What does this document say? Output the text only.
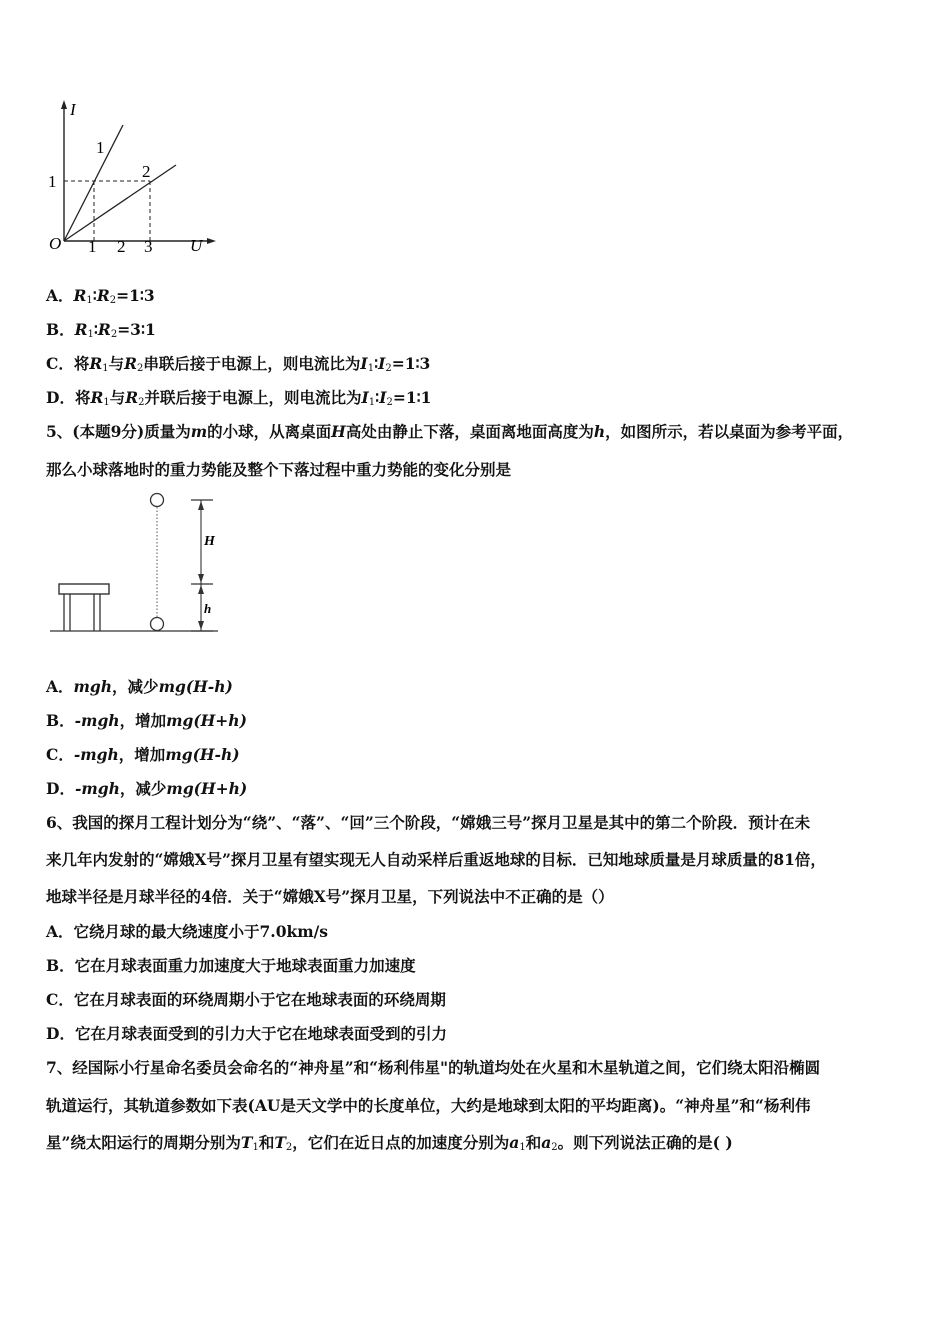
I
U
O 1 2 3
1
1
2
A．$R_1∶R_2=1∶3$
B．$R_1∶R_2=3∶1$
C．将$R_1$与$R_2$串联后接于电源上，则电流比为$I_1∶I_2=1∶3$
D．将$R_1$与$R_2$并联后接于电源上，则电流比为$I_1∶I_2=1∶1$
5、(本题9分)质量为m的小球，从离桌面H高处由静止下落，桌面离地面高度为h，如图所示，若以桌面为参考平面，
那么小球落地时的重力势能及整个下落过程中重力势能的变化分别是
H
h
A．mgh，减少mg(H-h)
B．-mgh，增加mg(H+h)
C．-mgh，增加mg(H-h)
D．-mgh，减少mg(H+h)
6、我国的探月工程计划分为“绕”、“落”、“回”三个阶段，“嫦娥三号”探月卫星是其中的第二个阶段．预计在未
来几年内发射的“嫦娥X号”探月卫星有望实现无人自动采样后重返地球的目标．已知地球质量是月球质量的81倍，
地球半径是月球半径的4倍．关于“嫦娥X号”探月卫星，下列说法中不正确的是（）
A．它绕月球的最大绕速度小于7.0km/s
B．它在月球表面重力加速度大于地球表面重力加速度
C．它在月球表面的环绕周期小于它在地球表面的环绕周期
D．它在月球表面受到的引力大于它在地球表面受到的引力
7、经国际小行星命名委员会命名的“神舟星”和“杨利伟星"的轨道均处在火星和木星轨道之间，它们绕太阳沿椭圆
轨道运行，其轨道参数如下表(AU是天文学中的长度单位，大约是地球到太阳的平均距离)。“神舟星”和“杨利伟
星”绕太阳运行的周期分别为$T_1$和$T_2$，它们在近日点的加速度分别为$a_1$和$a_2$。则下列说法正确的是( )
